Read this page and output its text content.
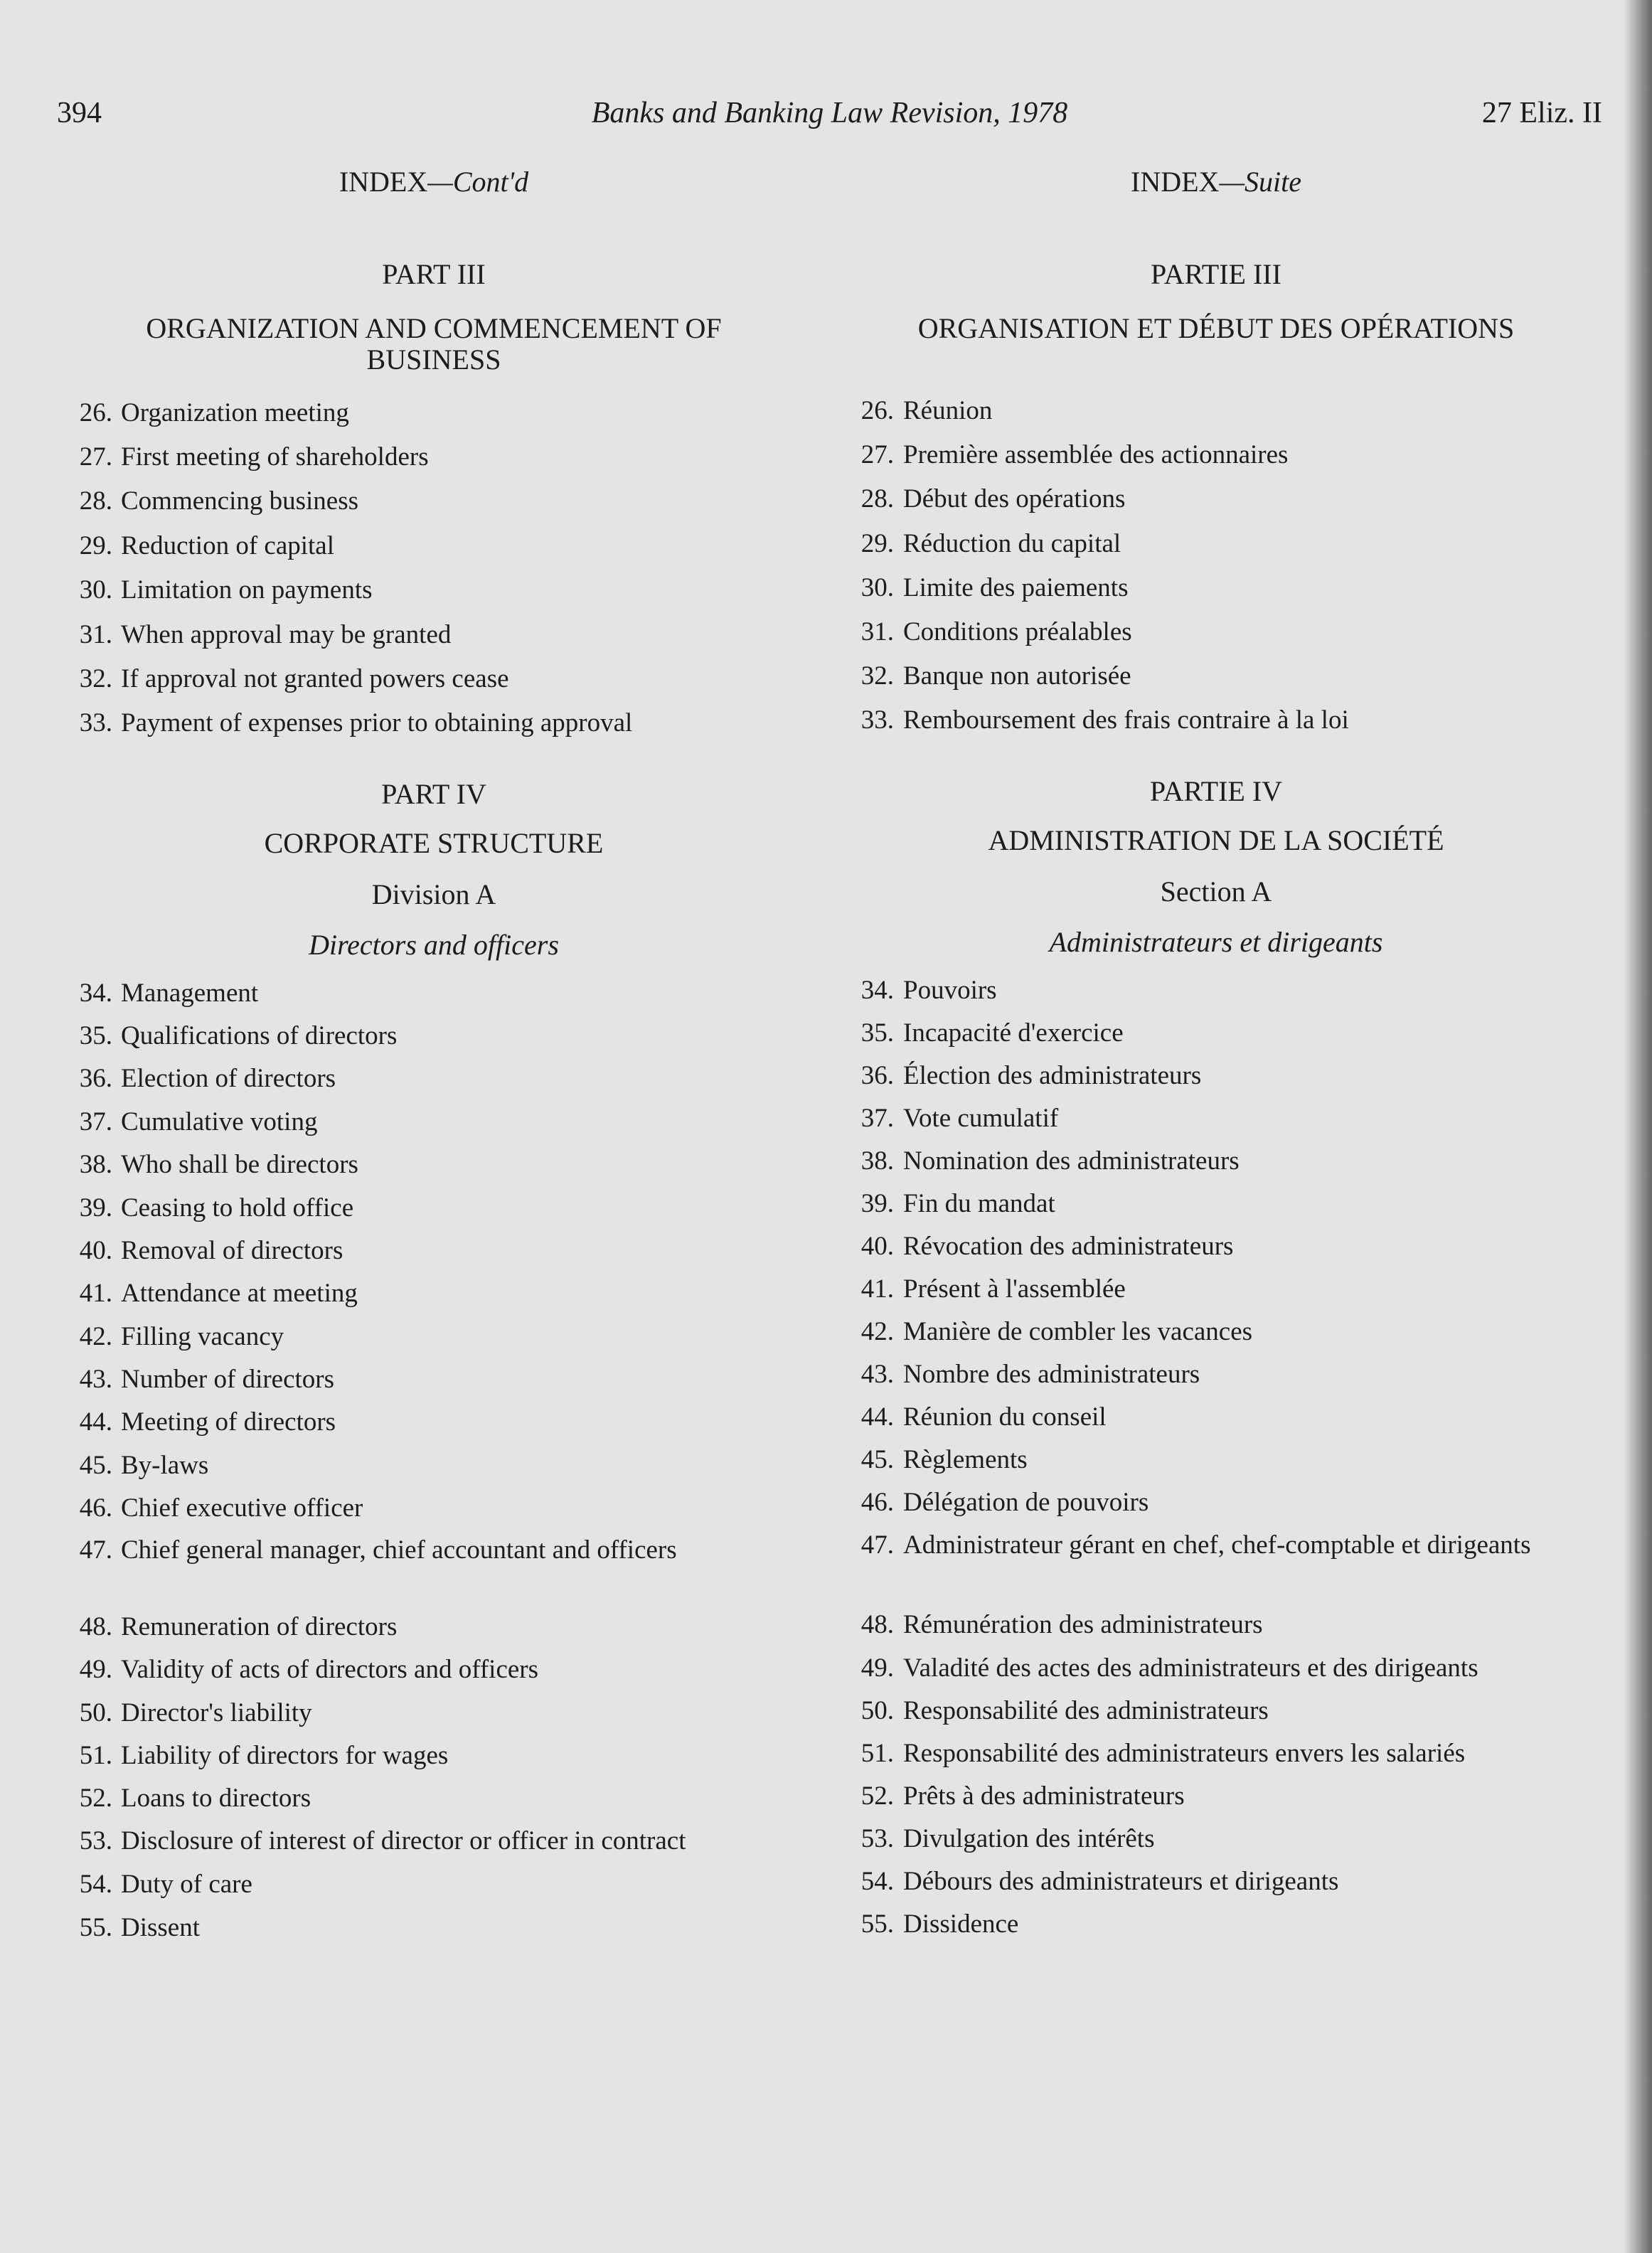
394	Banks and Banking Law Revision, 1978	27 Eliz. II
INDEX—Cont'd
PART III
ORGANIZATION AND COMMENCEMENT OF
BUSINESS
26. Organization meeting
27. First meeting of shareholders
28. Commencing business
29. Reduction of capital
30. Limitation on payments
31. When approval may be granted
32. If approval not granted powers cease
33. Payment of expenses prior to obtaining approval
PART IV
CORPORATE STRUCTURE
Division A
Directors and officers
34. Management
35. Qualifications of directors
36. Election of directors
37. Cumulative voting
38. Who shall be directors
39. Ceasing to hold office
40. Removal of directors
41. Attendance at meeting
42. Filling vacancy
43. Number of directors
44. Meeting of directors
45. By-laws
46. Chief executive officer
47. Chief general manager, chief accountant and officers
48. Remuneration of directors
49. Validity of acts of directors and officers
50. Director's liability
51. Liability of directors for wages
52. Loans to directors
53. Disclosure of interest of director or officer in contract
54. Duty of care
55. Dissent
INDEX—Suite
PARTIE III
ORGANISATION ET DÉBUT DES OPÉRATIONS
26. Réunion
27. Première assemblée des actionnaires
28. Début des opérations
29. Réduction du capital
30. Limite des paiements
31. Conditions préalables
32. Banque non autorisée
33. Remboursement des frais contraire à la loi
PARTIE IV
ADMINISTRATION DE LA SOCIÉTÉ
Section A
Administrateurs et dirigeants
34. Pouvoirs
35. Incapacité d'exercice
36. Élection des administrateurs
37. Vote cumulatif
38. Nomination des administrateurs
39. Fin du mandat
40. Révocation des administrateurs
41. Présent à l'assemblée
42. Manière de combler les vacances
43. Nombre des administrateurs
44. Réunion du conseil
45. Règlements
46. Délégation de pouvoirs
47. Administrateur gérant en chef, chef-comptable et dirigeants
48. Rémunération des administrateurs
49. Valadité des actes des administrateurs et des dirigeants
50. Responsabilité des administrateurs
51. Responsabilité des administrateurs envers les salariés
52. Prêts à des administrateurs
53. Divulgation des intérêts
54. Débours des administrateurs et dirigeants
55. Dissidence
